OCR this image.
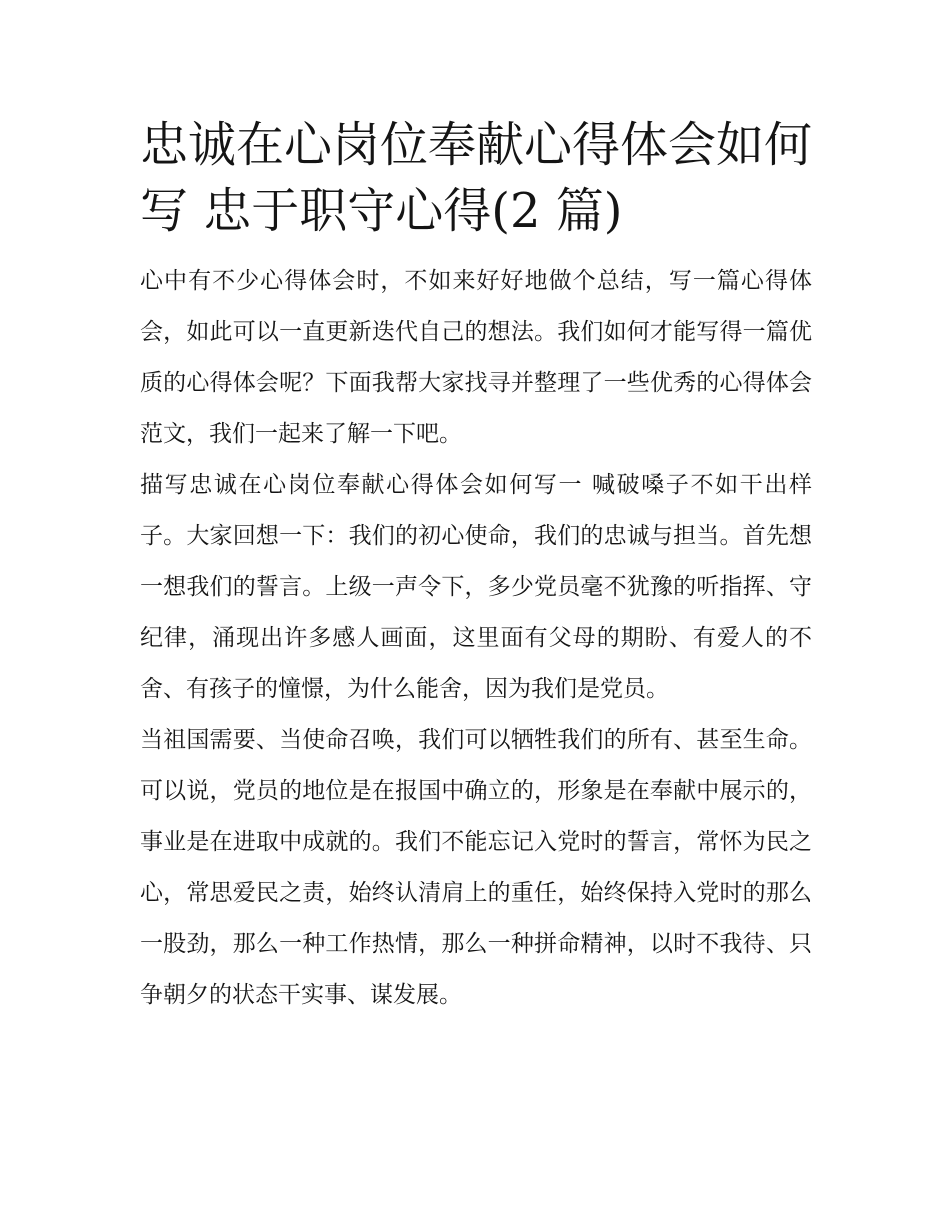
忠诚在心岗位奉献心得体会如何写 忠于职守心得(2 篇)

心中有不少心得体会时，不如来好好地做个总结，写一篇心得体会，如此可以一直更新迭代自己的想法。我们如何才能写得一篇优质的心得体会呢？下面我帮大家找寻并整理了一些优秀的心得体会范文，我们一起来了解一下吧。

描写忠诚在心岗位奉献心得体会如何写一 喊破嗓子不如干出样子。大家回想一下：我们的初心使命，我们的忠诚与担当。首先想一想我们的誓言。上级一声令下，多少党员毫不犹豫的听指挥、守纪律，涌现出许多感人画面，这里面有父母的期盼、有爱人的不舍、有孩子的憧憬，为什么能舍，因为我们是党员。

当祖国需要、当使命召唤，我们可以牺牲我们的所有、甚至生命。可以说，党员的地位是在报国中确立的，形象是在奉献中展示的，事业是在进取中成就的。我们不能忘记入党时的誓言，常怀为民之心，常思爱民之责，始终认清肩上的重任，始终保持入党时的那么一股劲，那么一种工作热情，那么一种拼命精神，以时不我待、只争朝夕的状态干实事、谋发展。
